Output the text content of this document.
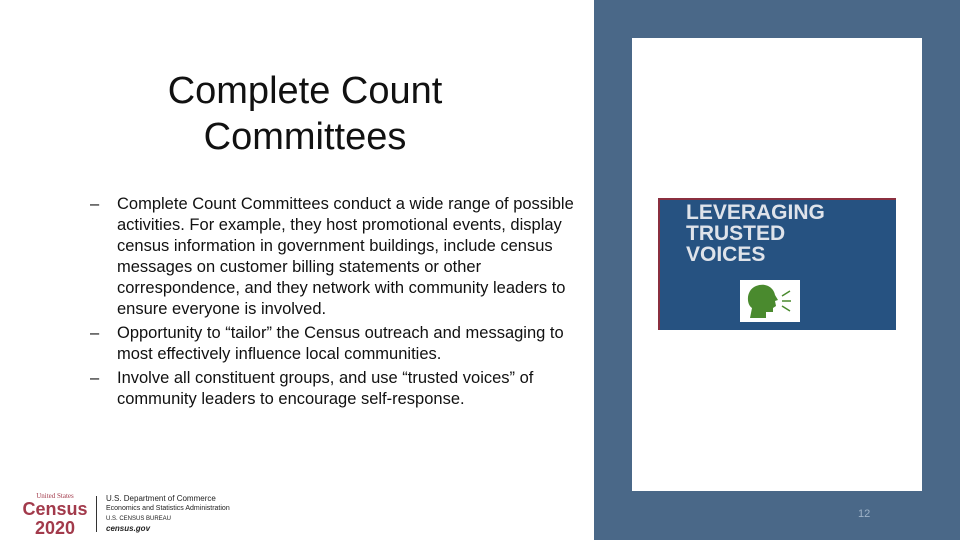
Complete Count Committees
– Complete Count Committees conduct a wide range of possible activities. For example, they host promotional events, display census information in government buildings, include census messages on customer billing statements or other correspondence, and they network with community leaders to ensure everyone is involved.
– Opportunity to “tailor” the Census outreach and messaging to most effectively influence local communities.
– Involve all constituent groups, and use “trusted voices” of community leaders to encourage self-response.
LEVERAGING
TRUSTED
VOICES
12
United States
Census
2020
U.S. Department of Commerce
Economics and Statistics Administration
U.S. CENSUS BUREAU
census.gov
